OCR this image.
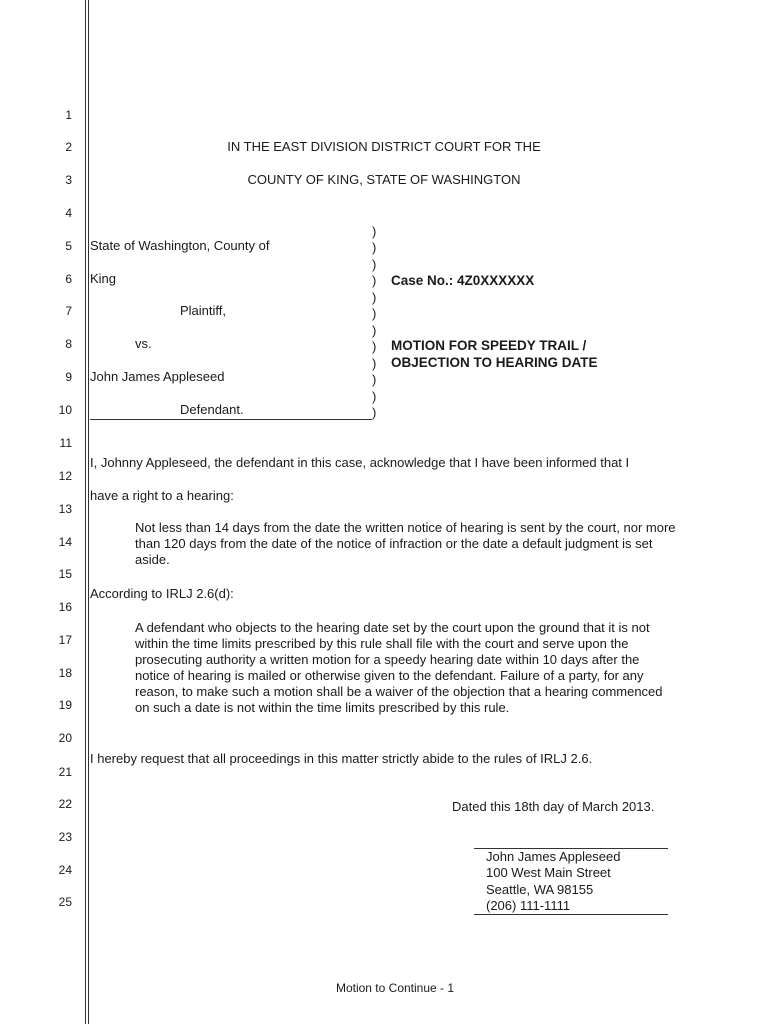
1
2
3
4
5
6
7
8
9
10
11
12
13
14
15
16
17
18
19
20
21
22
23
24
25
IN THE EAST DIVISION DISTRICT COURT FOR THE
COUNTY OF KING, STATE OF WASHINGTON
State of Washington, County of
King
Plaintiff,
vs.
John James Appleseed
Defendant.
)
)
)
)
)
)
)
)
)
)
)
)
Case No.: 4Z0XXXXXX
MOTION FOR SPEEDY TRAIL /
OBJECTION TO HEARING DATE
I, Johnny Appleseed, the defendant in this case, acknowledge that I have been informed that I
have a right to a hearing:
Not less than 14 days from the date the written notice of hearing is sent by the court, nor more than 120 days from the date of the notice of infraction or the date a default judgment is set aside.
According to IRLJ 2.6(d):
A defendant who objects to the hearing date set by the court upon the ground that it is not within the time limits prescribed by this rule shall file with the court and serve upon the prosecuting authority a written motion for a speedy hearing date within 10 days after the notice of hearing is mailed or otherwise given to the defendant. Failure of a party, for any reason, to make such a motion shall be a waiver of the objection that a hearing commenced on such a date is not within the time limits prescribed by this rule.
I hereby request that all proceedings in this matter strictly abide to the rules of IRLJ 2.6.
Dated this 18th day of March 2013.
John James Appleseed
100 West Main Street
Seattle, WA 98155
(206) 111-1111
Motion to Continue - 1
